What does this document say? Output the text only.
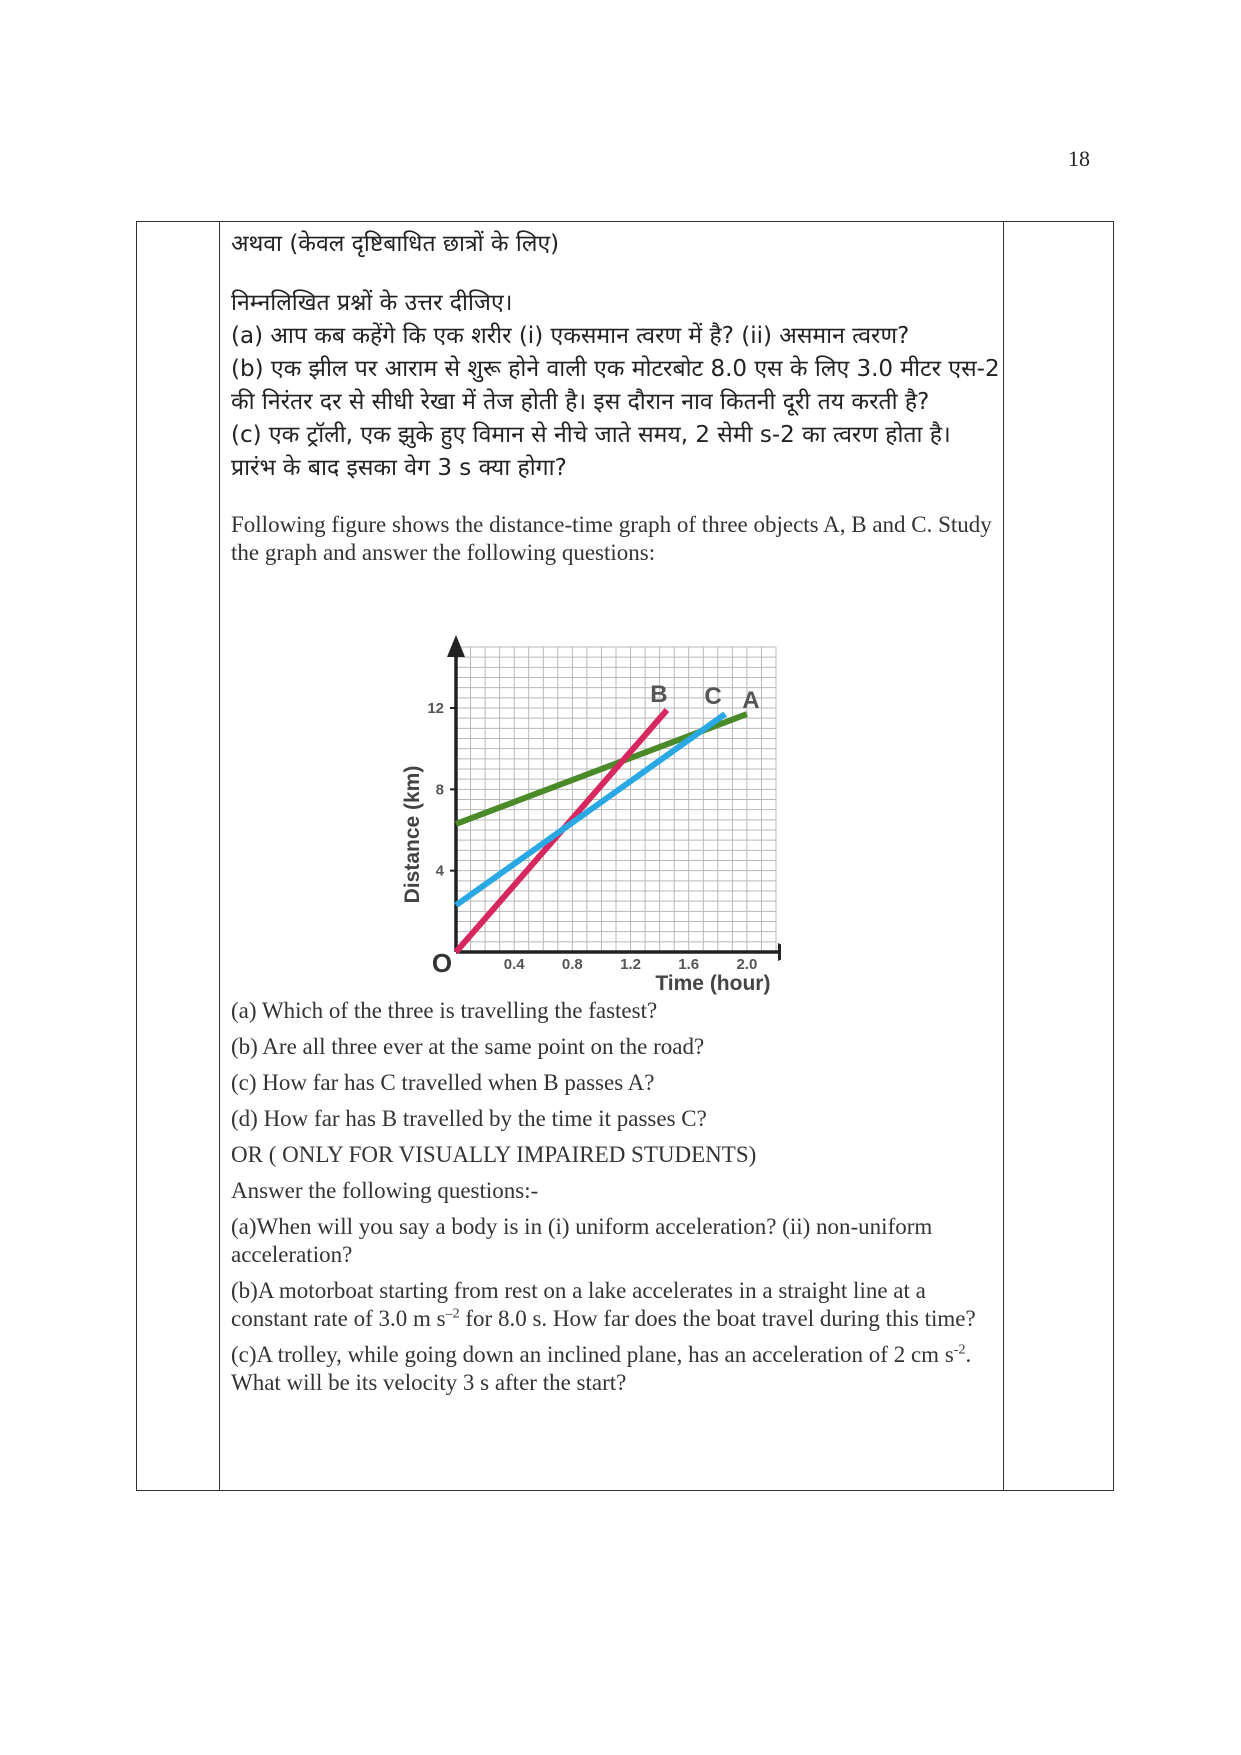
18

अथवा (केवल दृष्टिबाधित छात्रों के लिए)

निम्नलिखित प्रश्नों के उत्तर दीजिए।

(a) आप कब कहेंगे कि एक शरीर (i) एकसमान त्वरण में है? (ii) असमान त्वरण?

(b) एक झील पर आराम से शुरू होने वाली एक मोटरबोट 8.0 एस के लिए 3.0 मीटर एस-2 की निरंतर दर से सीधी रेखा में तेज होती है। इस दौरान नाव कितनी दूरी तय करती है?

(c) एक ट्रॉली, एक झुके हुए विमान से नीचे जाते समय, 2 सेमी s-2 का त्वरण होता है। प्रारंभ के बाद इसका वेग 3 s क्या होगा?

Following figure shows the distance-time graph of three objects A, B and C. Study the graph and answer the following questions:

A
B C
0.4 0.8 1.2 1.6 2.0
4
8
12
O
Time (hour)
Distance (km)

(a) Which of the three is travelling the fastest?

(b) Are all three ever at the same point on the road?

(c) How far has C travelled when B passes A?

(d) How far has B travelled by the time it passes C?

OR ( ONLY FOR VISUALLY IMPAIRED STUDENTS)

Answer the following questions:-

(a)When will you say a body is in (i) uniform acceleration? (ii) non-uniform acceleration?

(b)A motorboat starting from rest on a lake accelerates in a straight line at a constant rate of 3.0 m $s^{-2}$ for 8.0 s. How far does the boat travel during this time?

(c)A trolley, while going down an inclined plane, has an acceleration of 2 cm $s^{-2}$. What will be its velocity 3 s after the start?
